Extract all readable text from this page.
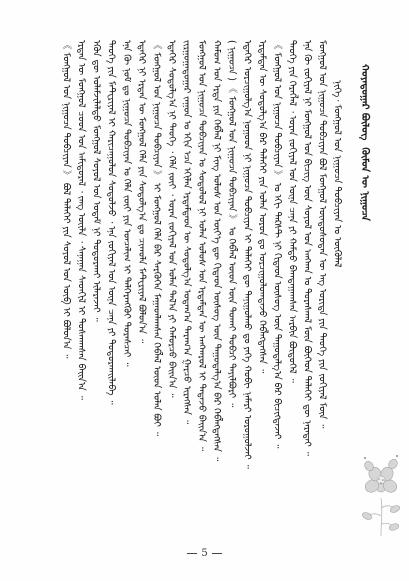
《 ᠮᠣᠩᠭᠣᠯ ᠤᠨ ᠨᠢᠭᠤᠴᠠ ᠲᠣᠪᠴᠢᠶᠠᠨ 》 ᠪᠣᠯ ᠳᠡᠯᠡᠬᠡᠢ ᠶᠢᠨ ᠰᠣᠶᠣᠯ ᠤᠨ ᠦᠪ ᠢ ᠪᠣᠯᠤᠨ᠎ᠠ ᠃ ᠡᠷᠲᠡᠨ ᠦ ᠮᠣᠩᠭᠣᠯ ᠴᠤᠳ ᠤᠨ ᠠᠮᠢᠳᠤᠷᠠᠯ ᠂ ᠵᠠᠩ ᠦᠢᠯᠡ ᠂ ᠰᠠᠨᠠᠭᠠᠨ ᠰᠡᠳᠬᠢᠯ ᠢ ᠲᠤᠰᠬᠠᠭᠰᠠᠨ ᠪᠠᠢᠨ᠎ᠠ ᠃ ᠡᠭᠦᠨ ᠳᠦ ᠤᠯᠠᠮᠵᠢᠯᠠᠯᠲᠤ ᠮᠣᠩᠭᠣᠯ ᠰᠣᠶᠣᠯ ᠤᠨ ᠤᠳᠠᠮ ᠨᠢ ᠲᠣᠳᠣᠷᠬᠠᠢ ᠢᠯᠡᠷᠡᠵᠡᠢ ᠃ ᠲᠡᠦᠬᠡ ᠶᠢᠨ ᠮᠠᠲᠧᠷᠢᠶᠠᠯ ᠢ ᠬᠠᠷᠢᠴᠠᠭᠤᠯᠤᠨ ᠰᠤᠳᠤᠯᠵᠤ ᠂ ᠡᠨᠡ ᠵᠣᠬᠢᠶᠠᠯ ᠤᠨ ᠦᠨᠡ ᠴᠡᠨᠡ ᠶᠢ ᠲᠣᠳᠤᠷᠬᠠᠢᠯᠠᠪᠠ ᠃ ᠡᠨᠡ ᠬᠦ ᠨᠣᠮ ᠳᠤ ᠨᠢᠭᠤᠴᠠ ᠲᠣᠪᠴᠢᠶᠠᠨ ᠤ ᠬᠡᠯᠡ ᠵᠦᠢ ᠶᠢᠨ ᠣᠨᠴᠠᠯᠢᠭ ᠢ ᠳᠡᠯᠭᠡᠷᠡᠩᠭᠦᠢ ᠳᠤᠷᠠᠰᠴᠠᠢ ᠃ ᠡᠳᠡᠭᠡᠷ ᠨᠢ ᠡᠷᠲᠡᠨ ᠦ ᠮᠣᠩᠭᠣᠯ ᠬᠡᠯᠡ ᠶᠢᠨ ᠰᠤᠳᠤᠯᠭ᠎ᠠ ᠳᠤ ᠴᠢᠬᠤᠯᠠ ᠮᠠᠲᠧᠷᠢᠶᠠᠯ ᠪᠣᠯᠤᠨ᠎ᠠ ᠃ 《 ᠮᠣᠩᠭᠣᠯ ᠤᠨ ᠨᠢᠭᠤᠴᠠ ᠲᠣᠪᠴᠢᠶᠠᠨ 》 ᠢ ᠮᠣᠩᠭᠣᠯ ᠬᠡᠯᠡ ᠪᠡᠷ ᠰᠡᠷᠭᠦᠭᠡᠨ ᠮᠠᠭᠠᠳᠯᠠᠭᠰᠠᠨ ᠬᠡᠪᠯᠡᠯ ᠦᠳ ᠣᠯᠠᠨ ᠪᠣᠢ ᠃ ᠡᠳᠡᠭᠡᠷ ᠰᠤᠳᠤᠯᠭ᠎ᠠ ᠨᠢ ᠲᠡᠦᠬᠡ ᠂ ᠬᠡᠯᠡ ᠵᠦᠢ ᠂ ᠤᠷᠠᠨ ᠵᠣᠬᠢᠶᠠᠯ ᠤᠨ ᠣᠯᠠᠨ ᠲᠠᠯ᠎ᠠ ᠶᠢ ᠬᠠᠮᠤᠷᠴᠤ ᠪᠠᠢᠨ᠎ᠠ ᠃ ᠵᠢᠷᠭᠤᠭᠠᠳᠤᠭᠠᠷ ᠵᠠᠭᠤᠨ ᠤ ᠡᠬᠢᠨ ᠡᠴᠡ ᠡᠬᠢᠯᠡᠨ ᠡᠷᠳᠡᠮᠲᠡᠳ ᠦ ᠰᠤᠳᠤᠯᠭ᠎ᠠ ᠤᠳᠠᠭ᠎ᠠ ᠳᠠᠷᠠᠭ᠎ᠠ ᠭᠠᠷᠴᠤ ᠢᠷᠡᠭᠰᠡᠨ ᠃ ᠮᠣᠩᠭᠣᠯ ᠤᠨ ᠨᠢᠭᠤᠴᠠ ᠲᠣᠪᠴᠢᠶᠠᠨ ᠤ ᠰᠤᠳᠤᠯᠤᠯ ᠨᠢ ᠣᠯᠠᠨ ᠤᠯᠤᠰ ᠤᠨ ᠡᠷᠳᠡᠮᠲᠡᠨ ᠦ ᠠᠩᠬᠠᠷᠤᠯ ᠢ ᠲᠠᠲᠠᠵᠤ ᠪᠠᠢᠨ᠎ᠠ ᠃ ᠬᠠᠮᠤᠭ ᠤᠨ ᠡᠷᠲᠡ ᠶᠢᠨ ᠬᠡᠪᠯᠡᠯ ᠨᠢ ᠮᠢᠩ ᠤᠯᠤᠰ ᠤᠨ ᠦᠶ᠎ᠡ ᠳᠦ ᠬᠢᠳᠠᠳ ᠦᠰᠦᠭ ᠦᠨ ᠳᠠᠭᠤᠳᠠᠯᠭ᠎ᠠ ᠪᠠᠷ ᠬᠡᠪᠯᠡᠭᠳᠡᠭᠰᠡᠨ ᠃ ( ᠨᠢᠭᠤᠴᠠ ) 《 ᠮᠣᠩᠭᠣᠯ ᠤᠨ ᠨᠢᠭᠤᠴᠠ ᠲᠣᠪᠴᠢᠶᠠᠨ 》 ᠤ ᠬᠡᠪᠯᠡᠯ ᠦᠳ ᠦᠨ ᠲᠤᠬᠠᠢ ᠲᠣᠪᠴᠢ ᠲᠠᠶᠢᠯᠪᠤᠷᠢ ᠃ ᠡᠳᠡᠭᠡᠷ ᠣᠷᠴᠢᠭᠤᠯᠭ᠎ᠠ ᠨᠤᠭᠤᠳ ᠨᠢ ᠨᠢᠭᠤᠴᠠ ᠲᠣᠪᠴᠢᠶᠠᠨ ᠢ ᠳᠡᠯᠡᠬᠡᠢ ᠳᠦ ᠲᠠᠨᠢᠭᠤᠯᠬᠤ ᠳᠤ ᠶᠡᠬᠡ ᠬᠤᠪᠢ ᠨᠡᠮᠡᠷᠢ ᠣᠷᠣᠭᠤᠯᠵᠠᠢ ᠃ ᠡᠷᠳᠡᠮᠳᠡᠨ ᠦ ᠰᠤᠳᠤᠯᠭ᠎ᠠ ᠪᠠᠷ ᠳᠡᠯᠡᠬᠡᠢ ᠶᠢᠨ ᠣᠯᠠᠨ ᠣᠷᠣᠨ ᠳᠤ ᠣᠷᠴᠢᠭᠤᠯᠤᠭᠳᠠᠵᠤ ᠬᠡᠪᠯᠡᠭᠳᠡᠭᠰᠡᠨ ᠃ 《 ᠮᠣᠩᠭᠣᠯ ᠤᠨ ᠨᠢᠭᠤᠴᠠ ᠲᠣᠪᠴᠢᠶᠠᠨ 》 ᠤ ᠡᠬᠢ ᠲᠡᠺᠰᠲ ᠨᠢ ᠬᠢᠳᠠᠳ ᠦᠰᠦᠭ ᠦᠨ ᠳᠠᠭᠤᠳᠠᠯᠭ᠎ᠠ ᠪᠠᠷ ᠪᠢᠴᠢᠭᠳᠡᠵᠡᠢ ᠃ ᠲᠡᠦᠬᠡ ᠶᠢᠨ ᠬᠡᠷᠡᠭᠯᠡᠯ ᠂ ᠤᠷᠠᠨ ᠵᠣᠬᠢᠶᠠᠯ ᠤᠨ ᠦᠨᠡ ᠴᠡᠨᠡ ᠶᠢ ᠬᠠᠮᠲᠤ ᠪᠠᠭᠲᠠᠭᠠᠭᠰᠠᠨ ᠠᠷᠪᠢᠨ ᠪᠦᠲᠦᠭᠡᠯ ᠃ ᠡᠨᠡ ᠬᠦ ᠵᠣᠬᠢᠶᠠᠯ ᠨᠢ ᠮᠣᠩᠭᠣᠯ ᠤᠨ ᠪᠢᠴᠢᠭ ᠦᠨ ᠰᠣᠶᠣᠯ ᠤᠨ ᠠᠩᠬᠠᠨ ᠤ ᠳᠤᠷᠠᠰᠬᠠᠯ ᠮᠥᠨ ᠪᠥᠭᠡᠳ ᠳᠡᠯᠡᠬᠡᠢ ᠳᠦ ᠨᠡᠷᠡᠲᠡᠢ ᠃ ᠮᠣᠩᠭᠣᠯ ᠤᠨ ᠨᠢᠭᠤᠴᠠ ᠲᠣᠪᠴᠢᠶᠠᠨ ᠪᠣᠯ ᠮᠣᠩᠭᠣᠯ ᠦᠨᠳᠦᠰᠦᠲᠡᠨ ᠦ ᠡᠩ ᠤᠷᠢᠳᠠ ᠶᠢᠨ ᠲᠡᠦᠬᠡ ᠶᠢᠨ ᠵᠣᠬᠢᠶᠠᠯ ᠮᠥᠨ ᠃ ᠨᠢᠭᠡ᠂ ᠮᠣᠩᠭᠣᠯ ᠤᠨ ᠨᠢᠭᠤᠴᠠ ᠲᠣᠪᠴᠢᠶᠠᠨ ᠤ ᠦᠭᠦᠯᠡᠯ	ᠬᠣᠶᠠᠳᠤᠭᠠᠷ ᠪᠦᠯᠦᠭ ᠌ ᠬᠦᠮᠦᠨ ᠦ ᠨᠢᠭᠤᠴᠠ
5
